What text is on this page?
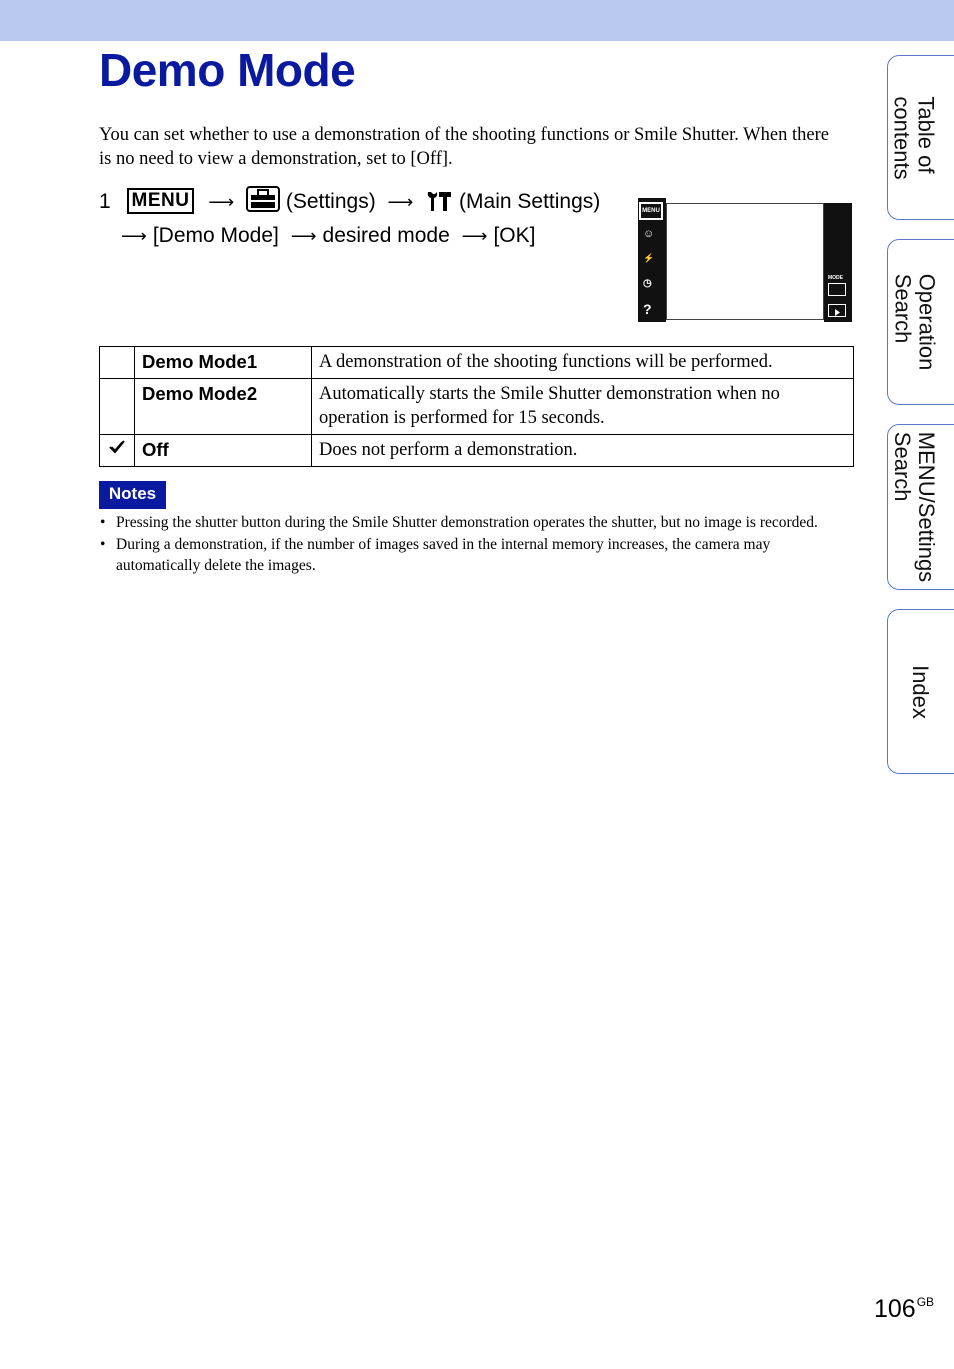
Demo Mode

You can set whether to use a demonstration of the shooting functions or Smile Shutter. When there is no need to view a demonstration, set to [Off].

1 MENU ⟶ (Settings) ⟶ (Main Settings)
⟶ [Demo Mode] ⟶ desired mode ⟶ [OK]
MENU
☺
⚡
◷
?
MODE
	Demo Mode1	A demonstration of the shooting functions will be performed.
	Demo Mode2	Automatically starts the Smile Shutter demonstration when no operation is performed for 15 seconds.
	Off	Does not perform a demonstration.
Notes
• Pressing the shutter button during the Smile Shutter demonstration operates the shutter, but no image is recorded.
• During a demonstration, if the number of images saved in the internal memory increases, the camera may automatically delete the images.
Table of
contents
Operation
Search
MENU/Settings
Search
Index
$106^{GB}$
